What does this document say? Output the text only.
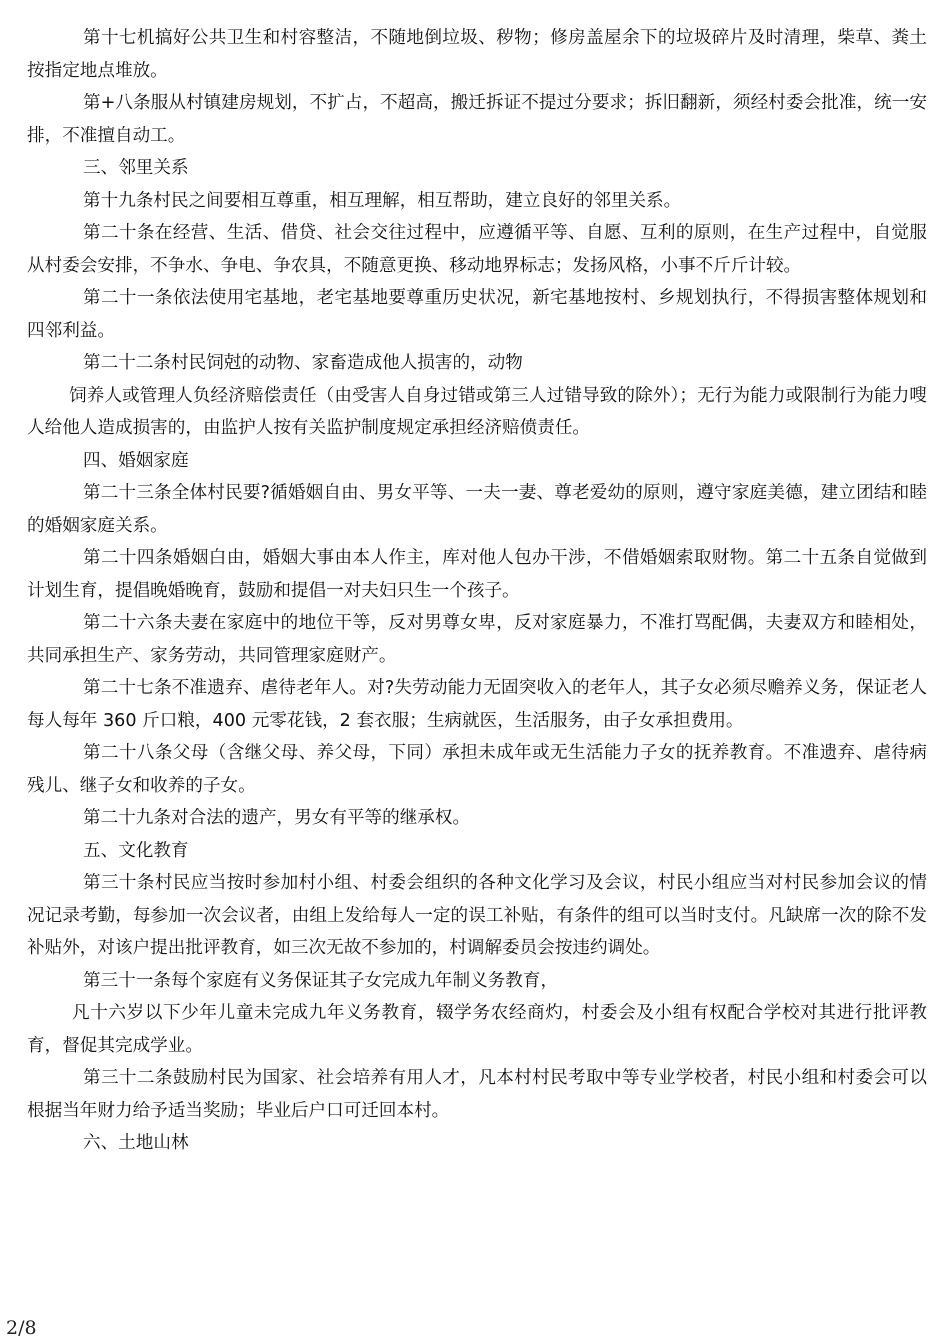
第十七机搞好公共卫生和村容整洁，不随地倒垃圾、秽物；修房盖屋余下的垃圾碎片及时清理，柴草、粪土按指定地点堆放。

第+八条服从村镇建房规划，不扩占，不超高，搬迁拆证不提过分要求；拆旧翻新，须经村委会批准，统一安排，不准擅自动工。

三、邻里关系

第十九条村民之间要相互尊重，相互理解，相互帮助，建立良好的邻里关系。

第二十条在经营、生活、借贷、社会交往过程中，应遵循平等、自愿、互利的原则，在生产过程中，自觉服从村委会安排，不争水、争电、争农具，不随意更换、移动地界标志；发扬风格，小事不斤斤计较。

第二十一条依法使用宅基地，老宅基地要尊重历史状况，新宅基地按村、乡规划执行，不得损害整体规划和四邻利益。

第二十二条村民饲尅的动物、家畜造成他人损害的，动物

饲养人或管理人负经济赔偿责任（由受害人自身过错或第三人过错导致的除外）；无行为能力或限制行为能力嗖人给他人造成损害的，由监护人按有关监护制度规定承担经济赔偾责任。

四、婚姻家庭

第二十三条全体村民要?循婚姻自由、男女平等、一夫一妻、尊老爱幼的原则，遵守家庭美德，建立团结和睦的婚姻家庭关系。

第二十四条婚姻白由，婚姻大事由本人作主，库对他人包办干涉，不借婚姻索取财物。第二十五条自觉做到计划生育，提倡晚婚晚育，鼓励和提倡一对夫妇只生一个孩子。

第二十六条夫妻在家庭中的地位干等，反对男尊女卑，反对家庭暴力，不准打骂配偶，夫妻双方和睦相处，共同承担生产、家务劳动，共同管理家庭财产。

第二十七条不准遗弃、虐待老年人。对?失劳动能力无固突收入的老年人，其子女必须尽赡养义务，保证老人每人每年 360 斤口粮，400 元零花钱，2 套衣服；生病就医，生活服务，由子女承担费用。

第二十八条父母（含继父母、养父母，下同）承担未成年或无生活能力子女的抚养教育。不准遗弃、虐待病残儿、继子女和收养的子女。

第二十九条对合法的遗产，男女有平等的继承权。

五、文化教育

第三十条村民应当按时参加村小组、村委会组织的各种文化学习及会议，村民小组应当对村民参加会议的情况记录考勤，每参加一次会议者，由组上发给每人一定的误工补贴，有条件的组可以当时支付。凡缺席一次的除不发补贴外，对该户提出批评教育，如三次无故不参加的，村调解委员会按违约调处。

第三十一条每个家庭有义务保证其子女完成九年制义务教育，

凡十六岁以下少年儿童未完成九年义务教育，辍学务农经商灼，村委会及小组有权配合学校对其进行批评教育，督促其完成学业。

第三十二条鼓励村民为国家、社会培养有用人才，凡本村村民考取中等专业学校者，村民小组和村委会可以根据当年财力给予适当奖励；毕业后户口可迁回本村。

六、土地山林

2/8
